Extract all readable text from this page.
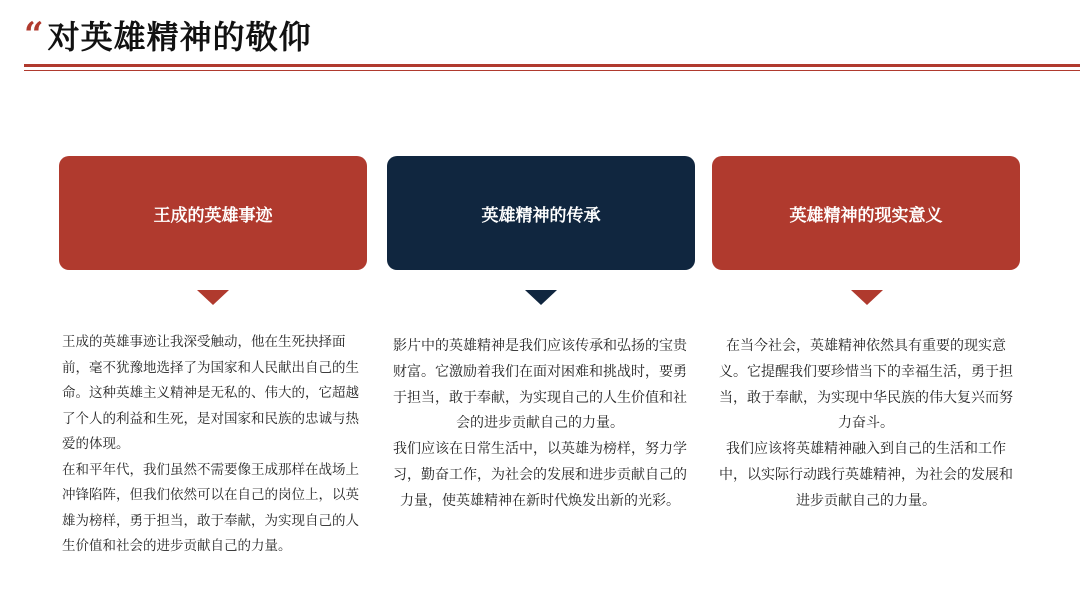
“ 对英雄精神的敬仰
王成的英雄事迹

王成的英雄事迹让我深受触动，他在生死抉择面前，毫不犹豫地选择了为国家和人民献出自己的生命。这种英雄主义精神是无私的、伟大的，它超越了个人的利益和生死，是对国家和民族的忠诚与热爱的体现。

在和平年代，我们虽然不需要像王成那样在战场上冲锋陷阵，但我们依然可以在自己的岗位上，以英雄为榜样，勇于担当，敢于奉献，为实现自己的人生价值和社会的进步贡献自己的力量。

英雄精神的传承

影片中的英雄精神是我们应该传承和弘扬的宝贵财富。它激励着我们在面对困难和挑战时，要勇于担当，敢于奉献，为实现自己的人生价值和社会的进步贡献自己的力量。

我们应该在日常生活中，以英雄为榜样，努力学习，勤奋工作，为社会的发展和进步贡献自己的力量，使英雄精神在新时代焕发出新的光彩。

英雄精神的现实意义

在当今社会，英雄精神依然具有重要的现实意义。它提醒我们要珍惜当下的幸福生活，勇于担当，敢于奉献，为实现中华民族的伟大复兴而努力奋斗。

我们应该将英雄精神融入到自己的生活和工作中，以实际行动践行英雄精神，为社会的发展和进步贡献自己的力量。
